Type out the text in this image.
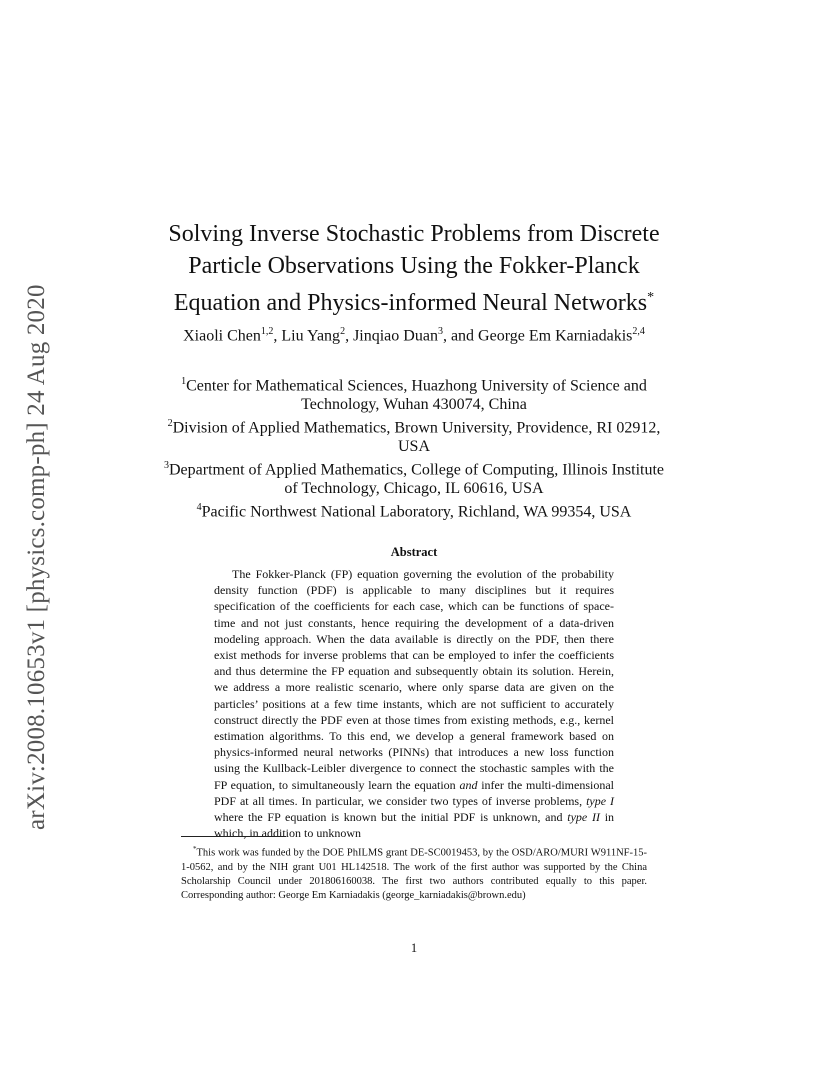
arXiv:2008.10653v1 [physics.comp-ph] 24 Aug 2020
Solving Inverse Stochastic Problems from Discrete Particle Observations Using the Fokker-Planck Equation and Physics-informed Neural Networks*
Xiaoli Chen$^{1,2}$, Liu Yang$^2$, Jinqiao Duan$^3$, and George Em Karniadakis$^{2,4}$
$^1$Center for Mathematical Sciences, Huazhong University of Science and Technology, Wuhan 430074, China
$^2$Division of Applied Mathematics, Brown University, Providence, RI 02912, USA
$^3$Department of Applied Mathematics, College of Computing, Illinois Institute of Technology, Chicago, IL 60616, USA
$^4$Pacific Northwest National Laboratory, Richland, WA 99354, USA
Abstract

The Fokker-Planck (FP) equation governing the evolution of the probability density function (PDF) is applicable to many disciplines but it requires specification of the coefficients for each case, which can be functions of space-time and not just constants, hence requiring the development of a data-driven modeling approach. When the data available is directly on the PDF, then there exist methods for inverse problems that can be employed to infer the coefficients and thus determine the FP equation and subsequently obtain its solution. Herein, we address a more realistic scenario, where only sparse data are given on the particles’ positions at a few time instants, which are not sufficient to accurately construct directly the PDF even at those times from existing methods, e.g., kernel estimation algorithms. To this end, we develop a general framework based on physics-informed neural networks (PINNs) that introduces a new loss function using the Kullback-Leibler divergence to connect the stochastic samples with the FP equation, to simultaneously learn the equation and infer the multi-dimensional PDF at all times. In particular, we consider two types of inverse problems, type I where the FP equation is known but the initial PDF is unknown, and type II in which, in addition to unknown

*This work was funded by the DOE PhILMS grant DE-SC0019453, by the OSD/ARO/MURI W911NF-15-1-0562, and by the NIH grant U01 HL142518. The work of the first author was supported by the China Scholarship Council under 201806160038. The first two authors contributed equally to this paper. Corresponding author: George Em Karniadakis (george_karniadakis@brown.edu)

1
